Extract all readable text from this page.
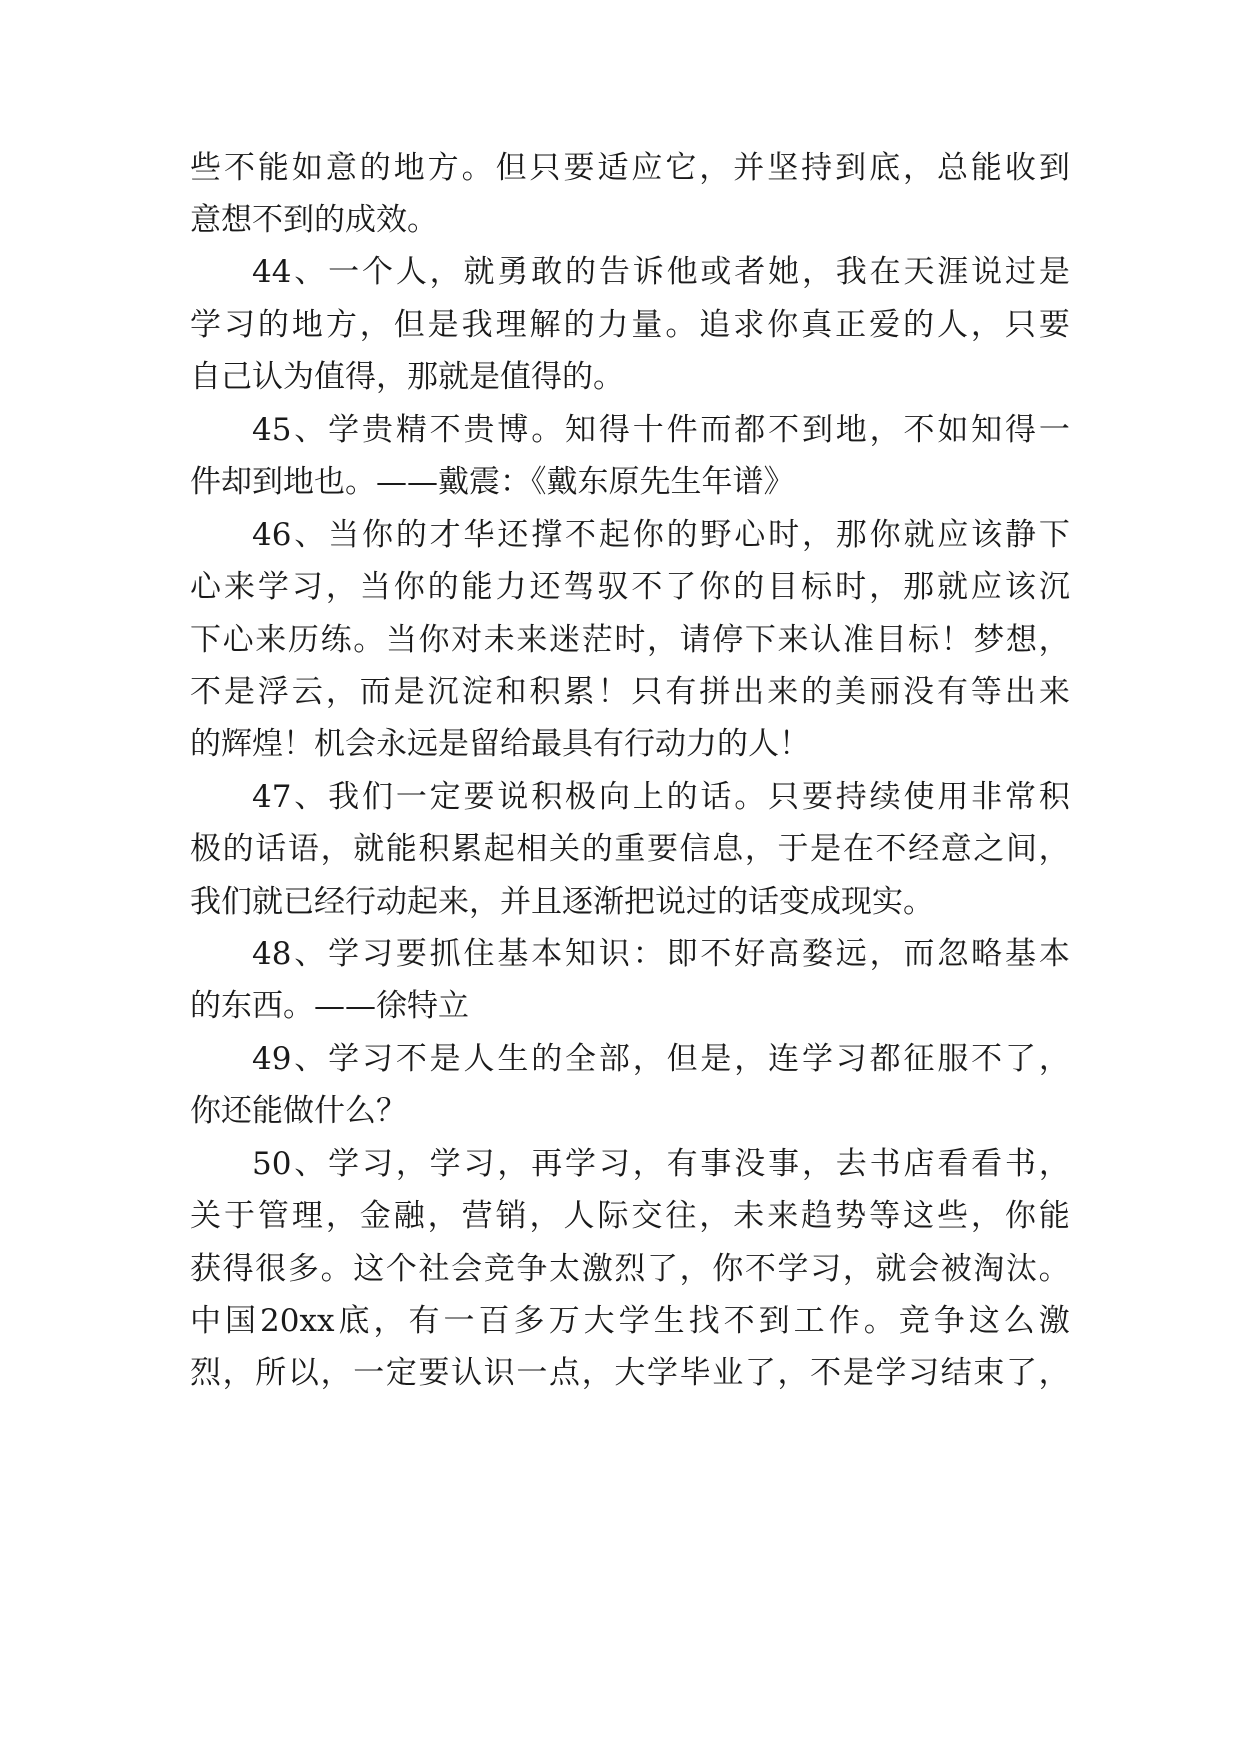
些 不 能 如 意 的 地 方 。 但 只 要 适 应 它 ， 并 坚 持 到 底 ， 总 能 收 到
意想不到的成效。
44 、 一 个 人 ， 就 勇 敢 的 告 诉 他 或 者 她 ， 我 在 天 涯 说 过 是
学 习 的 地 方 ， 但 是 我 理 解 的 力 量 。 追 求 你 真 正 爱 的 人 ， 只 要
自己认为值得，那就是值得的。
45 、 学 贵 精 不 贵 博 。 知 得 十 件 而 都 不 到 地 ， 不 如 知 得 一
件却到地也。——戴震：《戴东原先生年谱》
46 、 当 你 的 才 华 还 撑 不 起 你 的 野 心 时 ， 那 你 就 应 该 静 下
心 来 学 习 ， 当 你 的 能 力 还 驾 驭 不 了 你 的 目 标 时 ， 那 就 应 该 沉
下 心 来 历 练 。 当 你 对 未 来 迷 茫 时 ， 请 停 下 来 认 准 目 标 ！ 梦 想 ，
不 是 浮 云 ， 而 是 沉 淀 和 积 累 ！ 只 有 拼 出 来 的 美 丽 没 有 等 出 来
的辉煌！机会永远是留给最具有行动力的人！
47 、 我 们 一 定 要 说 积 极 向 上 的 话 。 只 要 持 续 使 用 非 常 积
极 的 话 语 ， 就 能 积 累 起 相 关 的 重 要 信 息 ， 于 是 在 不 经 意 之 间 ，
我们就已经行动起来，并且逐渐把说过的话变成现实。
48 、 学 习 要 抓 住 基 本 知 识 ： 即 不 好 高 婺 远 ， 而 忽 略 基 本
的东西。——徐特立
49 、 学 习 不 是 人 生 的 全 部 ， 但 是 ， 连 学 习 都 征 服 不 了 ，
你还能做什么？
50 、 学 习 ， 学 习 ， 再 学 习 ， 有 事 没 事 ， 去 书 店 看 看 书 ，
关 于 管 理 ， 金 融 ， 营 销 ， 人 际 交 往 ， 未 来 趋 势 等 这 些 ， 你 能
获 得 很 多 。 这 个 社 会 竞 争 太 激 烈 了 ， 你 不 学 习 ， 就 会 被 淘 汰 。
中 国 20xx 底 ， 有 一 百 多 万 大 学 生 找 不 到 工 作 。 竞 争 这 么 激
烈 ， 所 以 ， 一 定 要 认 识 一 点 ， 大 学 毕 业 了 ， 不 是 学 习 结 束 了 ，
